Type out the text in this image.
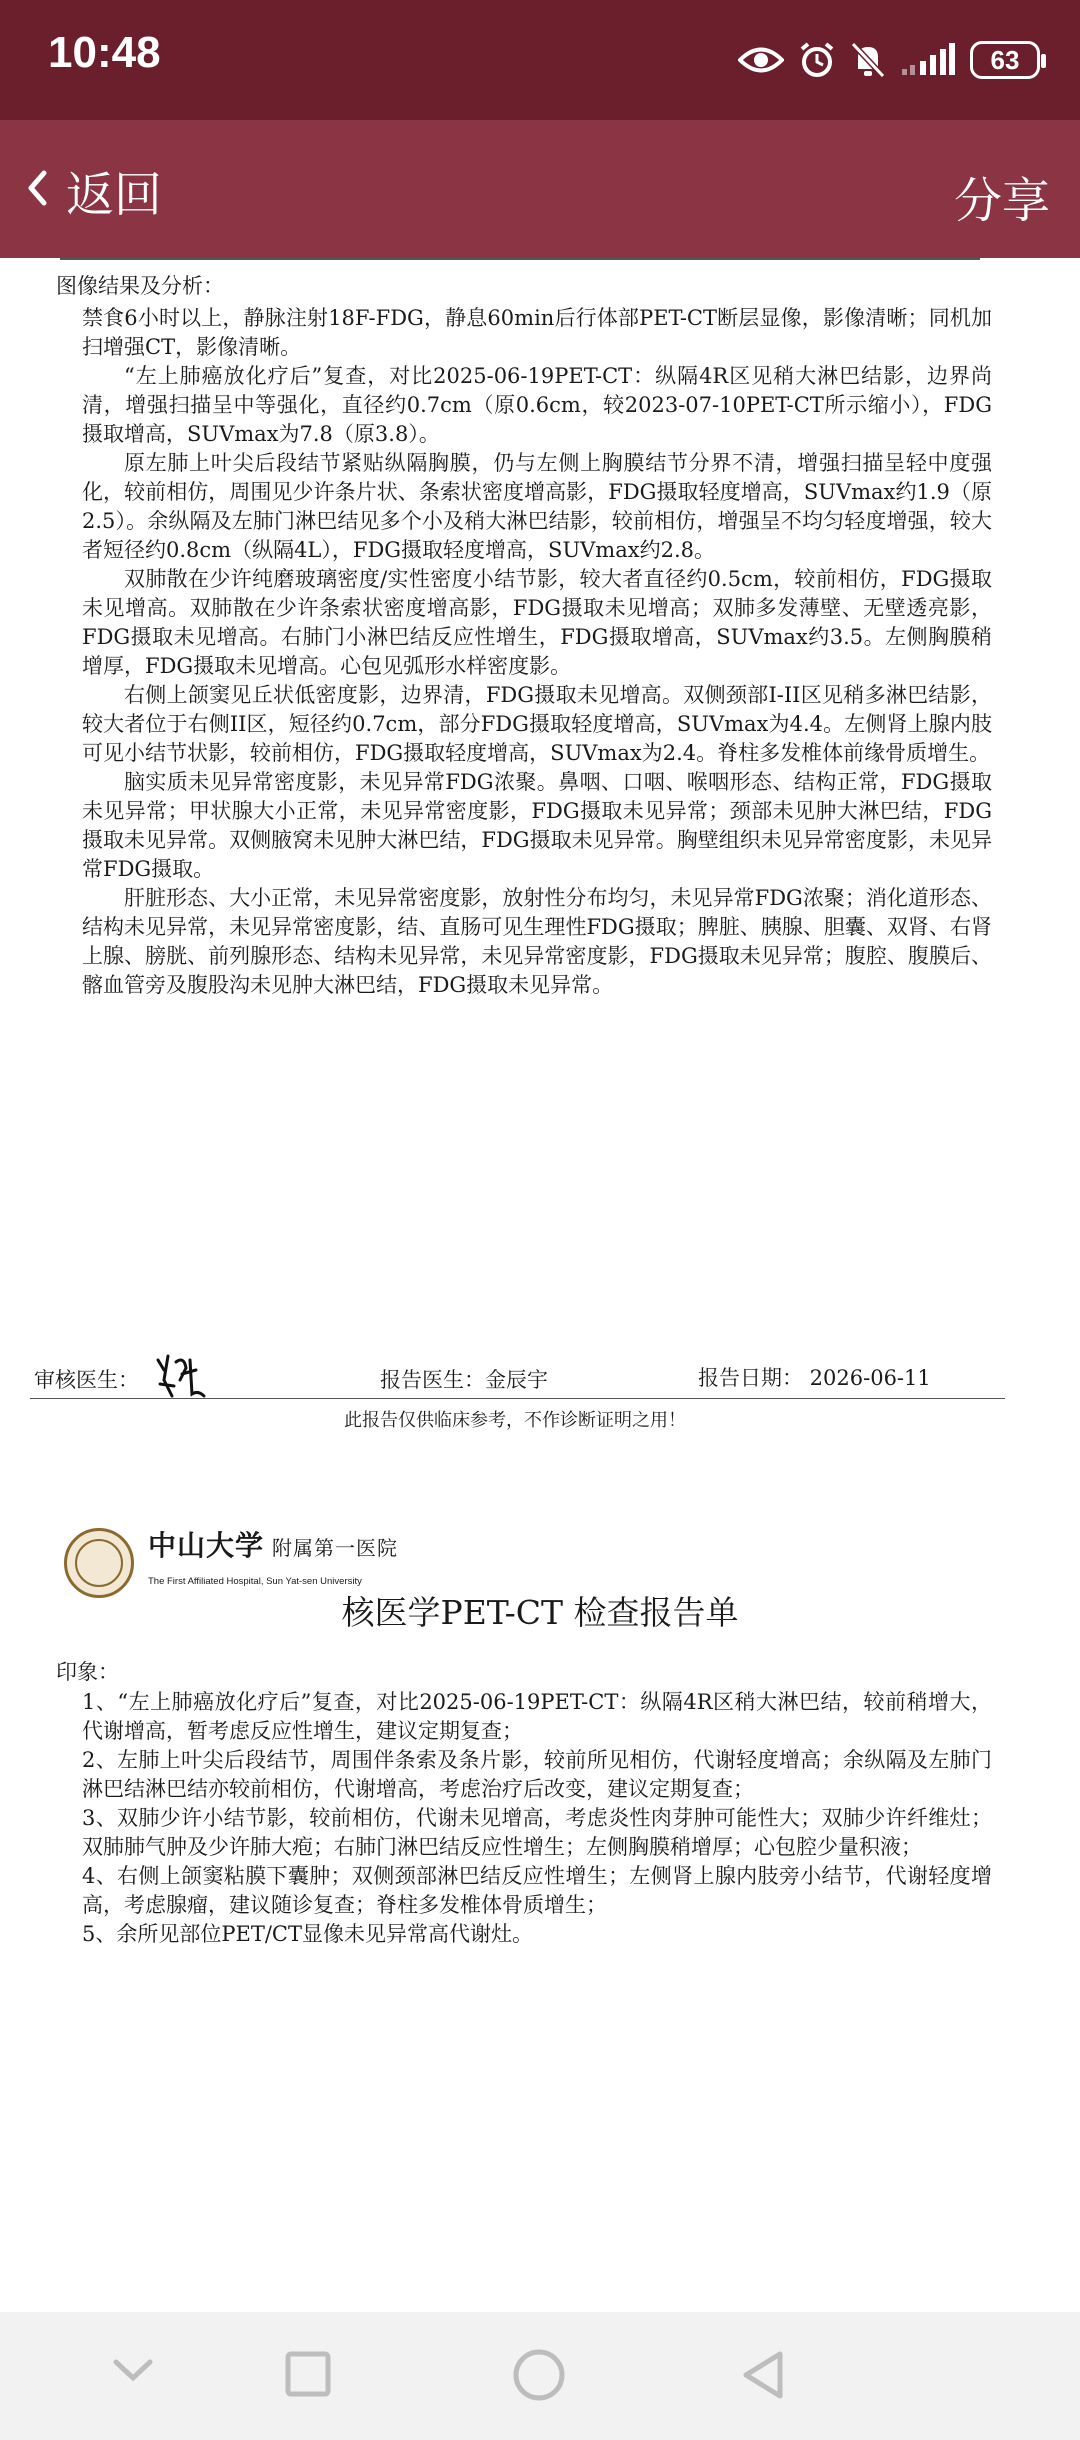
10:48	63
返回	分享
图像结果及分析：

禁食6小时以上，静脉注射18F-FDG，静息60min后行体部PET-CT断层显像，影像清晰；同机加扫增强CT，影像清晰。

“左上肺癌放化疗后”复查，对比2025-06-19PET-CT：纵隔4R区见稍大淋巴结影，边界尚清，增强扫描呈中等强化，直径约0.7cm（原0.6cm，较2023-07-10PET-CT所示缩小），FDG摄取增高，SUVmax为7.8（原3.8）。

原左肺上叶尖后段结节紧贴纵隔胸膜，仍与左侧上胸膜结节分界不清，增强扫描呈轻中度强化，较前相仿，周围见少许条片状、条索状密度增高影，FDG摄取轻度增高，SUVmax约1.9（原2.5）。余纵隔及左肺门淋巴结见多个小及稍大淋巴结影，较前相仿，增强呈不均匀轻度增强，较大者短径约0.8cm（纵隔4L），FDG摄取轻度增高，SUVmax约2.8。

双肺散在少许纯磨玻璃密度/实性密度小结节影，较大者直径约0.5cm，较前相仿，FDG摄取未见增高。双肺散在少许条索状密度增高影，FDG摄取未见增高；双肺多发薄壁、无壁透亮影，FDG摄取未见增高。右肺门小淋巴结反应性增生，FDG摄取增高，SUVmax约3.5。左侧胸膜稍增厚，FDG摄取未见增高。心包见弧形水样密度影。

右侧上颌窦见丘状低密度影，边界清，FDG摄取未见增高。双侧颈部I-II区见稍多淋巴结影，较大者位于右侧II区，短径约0.7cm，部分FDG摄取轻度增高，SUVmax为4.4。左侧肾上腺内肢可见小结节状影，较前相仿，FDG摄取轻度增高，SUVmax为2.4。脊柱多发椎体前缘骨质增生。

脑实质未见异常密度影，未见异常FDG浓聚。鼻咽、口咽、喉咽形态、结构正常，FDG摄取未见异常；甲状腺大小正常，未见异常密度影，FDG摄取未见异常；颈部未见肿大淋巴结，FDG摄取未见异常。双侧腋窝未见肿大淋巴结，FDG摄取未见异常。胸壁组织未见异常密度影，未见异常FDG摄取。

肝脏形态、大小正常，未见异常密度影，放射性分布均匀，未见异常FDG浓聚；消化道形态、结构未见异常，未见异常密度影，结、直肠可见生理性FDG摄取；脾脏、胰腺、胆囊、双肾、右肾上腺、膀胱、前列腺形态、结构未见异常，未见异常密度影，FDG摄取未见异常；腹腔、腹膜后、髂血管旁及腹股沟未见肿大淋巴结，FDG摄取未见异常。

审核医生：	报告医生：金辰宇	报告日期： 2026-06-11
此报告仅供临床参考，不作诊断证明之用！
中山大学 附属第一医院
The First Affiliated Hospital, Sun Yat-sen University
核医学PET-CT 检查报告单
印象：

1、“左上肺癌放化疗后”复查，对比2025-06-19PET-CT：纵隔4R区稍大淋巴结，较前稍增大，代谢增高，暂考虑反应性增生，建议定期复查；

2、左肺上叶尖后段结节，周围伴条索及条片影，较前所见相仿，代谢轻度增高；余纵隔及左肺门淋巴结淋巴结亦较前相仿，代谢增高，考虑治疗后改变，建议定期复查；

3、双肺少许小结节影，较前相仿，代谢未见增高，考虑炎性肉芽肿可能性大；双肺少许纤维灶；双肺肺气肿及少许肺大疱；右肺门淋巴结反应性增生；左侧胸膜稍增厚；心包腔少量积液；

4、右侧上颌窦粘膜下囊肿；双侧颈部淋巴结反应性增生；左侧肾上腺内肢旁小结节，代谢轻度增高，考虑腺瘤，建议随诊复查；脊柱多发椎体骨质增生；

5、余所见部位PET/CT显像未见异常高代谢灶。
